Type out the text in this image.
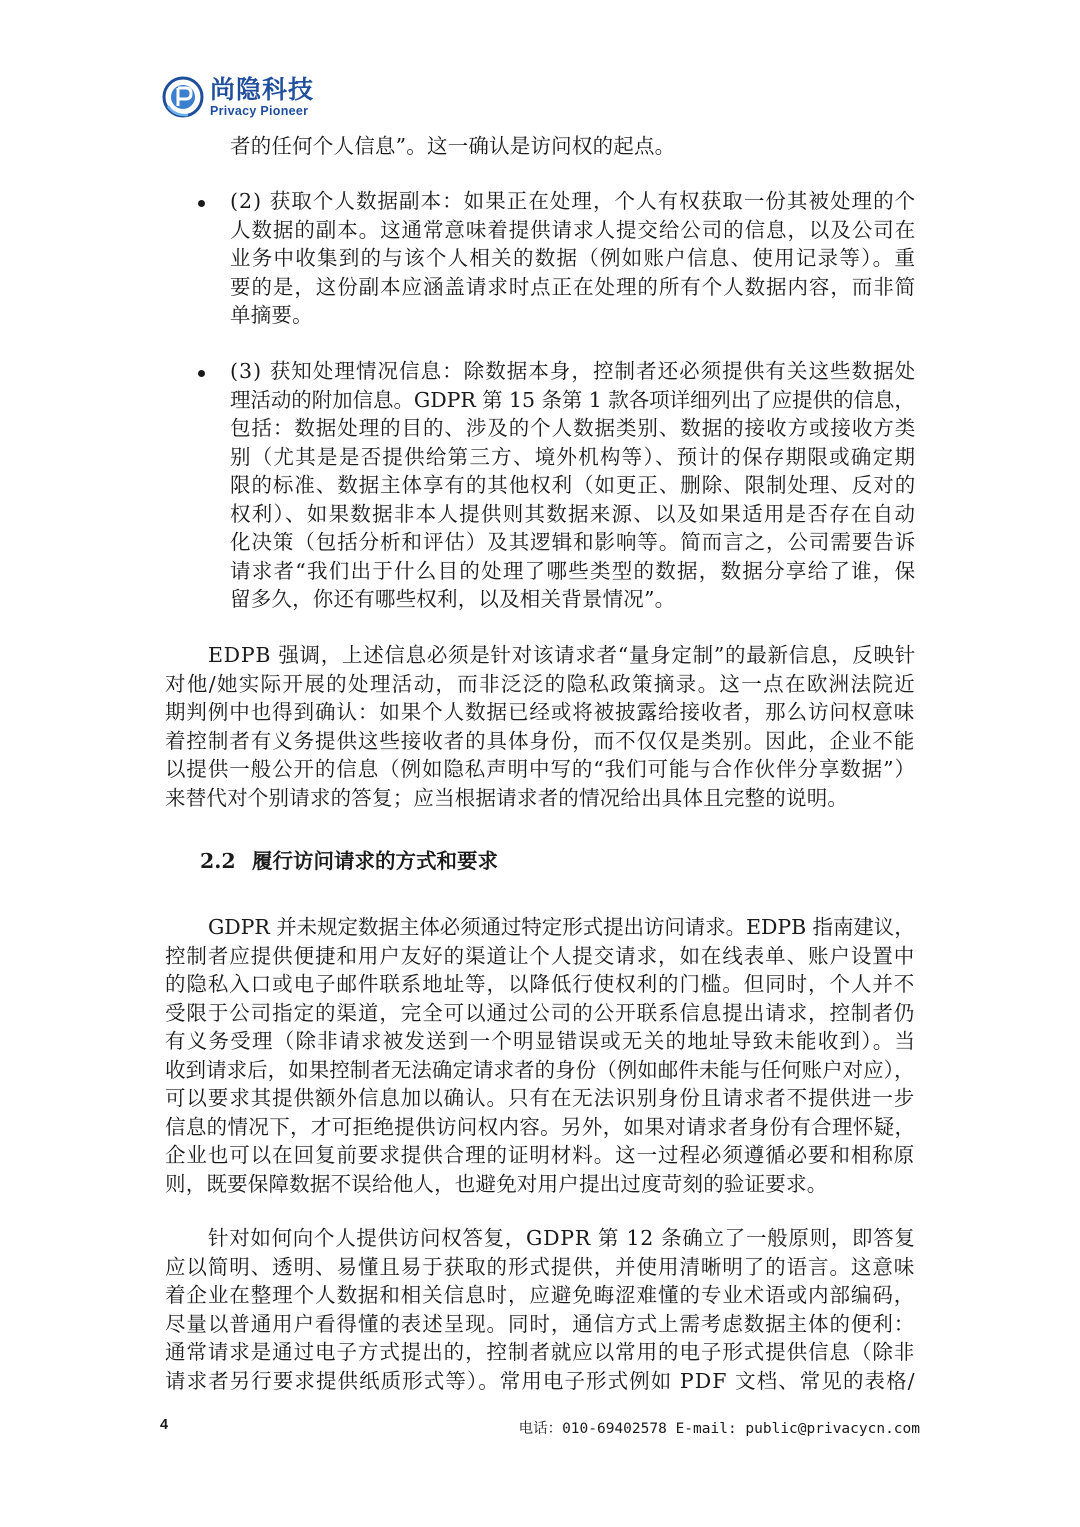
尚隐科技
Privacy Pioneer
者的任何个人信息”。这一确认是访问权的起点。
(2) 获取个人数据副本：如果正在处理，个人有权获取一份其被处理的个
人数据的副本。这通常意味着提供请求人提交给公司的信息，以及公司在
业务中收集到的与该个人相关的数据（例如账户信息、使用记录等）。重
要的是，这份副本应涵盖请求时点正在处理的所有个人数据内容，而非简
单摘要。
(3) 获知处理情况信息：除数据本身，控制者还必须提供有关这些数据处
理活动的附加信息。GDPR 第 15 条第 1 款各项详细列出了应提供的信息，
包括：数据处理的目的、涉及的个人数据类别、数据的接收方或接收方类
别（尤其是是否提供给第三方、境外机构等）、预计的保存期限或确定期
限的标准、数据主体享有的其他权利（如更正、删除、限制处理、反对的
权利）、如果数据非本人提供则其数据来源、以及如果适用是否存在自动
化决策（包括分析和评估）及其逻辑和影响等。简而言之，公司需要告诉
请求者“我们出于什么目的处理了哪些类型的数据，数据分享给了谁，保
留多久，你还有哪些权利，以及相关背景情况”。
EDPB 强调，上述信息必须是针对该请求者“量身定制”的最新信息，反映针
对他/她实际开展的处理活动，而非泛泛的隐私政策摘录。这一点在欧洲法院近
期判例中也得到确认：如果个人数据已经或将被披露给接收者，那么访问权意味
着控制者有义务提供这些接收者的具体身份，而不仅仅是类别。因此，企业不能
以提供一般公开的信息（例如隐私声明中写的“我们可能与合作伙伴分享数据”）
来替代对个别请求的答复；应当根据请求者的情况给出具体且完整的说明。
2.2 履行访问请求的方式和要求
GDPR 并未规定数据主体必须通过特定形式提出访问请求。EDPB 指南建议，
控制者应提供便捷和用户友好的渠道让个人提交请求，如在线表单、账户设置中
的隐私入口或电子邮件联系地址等，以降低行使权利的门槛。但同时，个人并不
受限于公司指定的渠道，完全可以通过公司的公开联系信息提出请求，控制者仍
有义务受理（除非请求被发送到一个明显错误或无关的地址导致未能收到）。当
收到请求后，如果控制者无法确定请求者的身份（例如邮件未能与任何账户对应），
可以要求其提供额外信息加以确认。只有在无法识别身份且请求者不提供进一步
信息的情况下，才可拒绝提供访问权内容。另外，如果对请求者身份有合理怀疑，
企业也可以在回复前要求提供合理的证明材料。这一过程必须遵循必要和相称原
则，既要保障数据不误给他人，也避免对用户提出过度苛刻的验证要求。
针对如何向个人提供访问权答复，GDPR 第 12 条确立了一般原则，即答复
应以简明、透明、易懂且易于获取的形式提供，并使用清晰明了的语言。这意味
着企业在整理个人数据和相关信息时，应避免晦涩难懂的专业术语或内部编码，
尽量以普通用户看得懂的表述呈现。同时，通信方式上需考虑数据主体的便利：
通常请求是通过电子方式提出的，控制者就应以常用的电子形式提供信息（除非
请求者另行要求提供纸质形式等）。常用电子形式例如 PDF 文档、常见的表格/
4	电话：010-69402578 E-mail: public@privacycn.com
